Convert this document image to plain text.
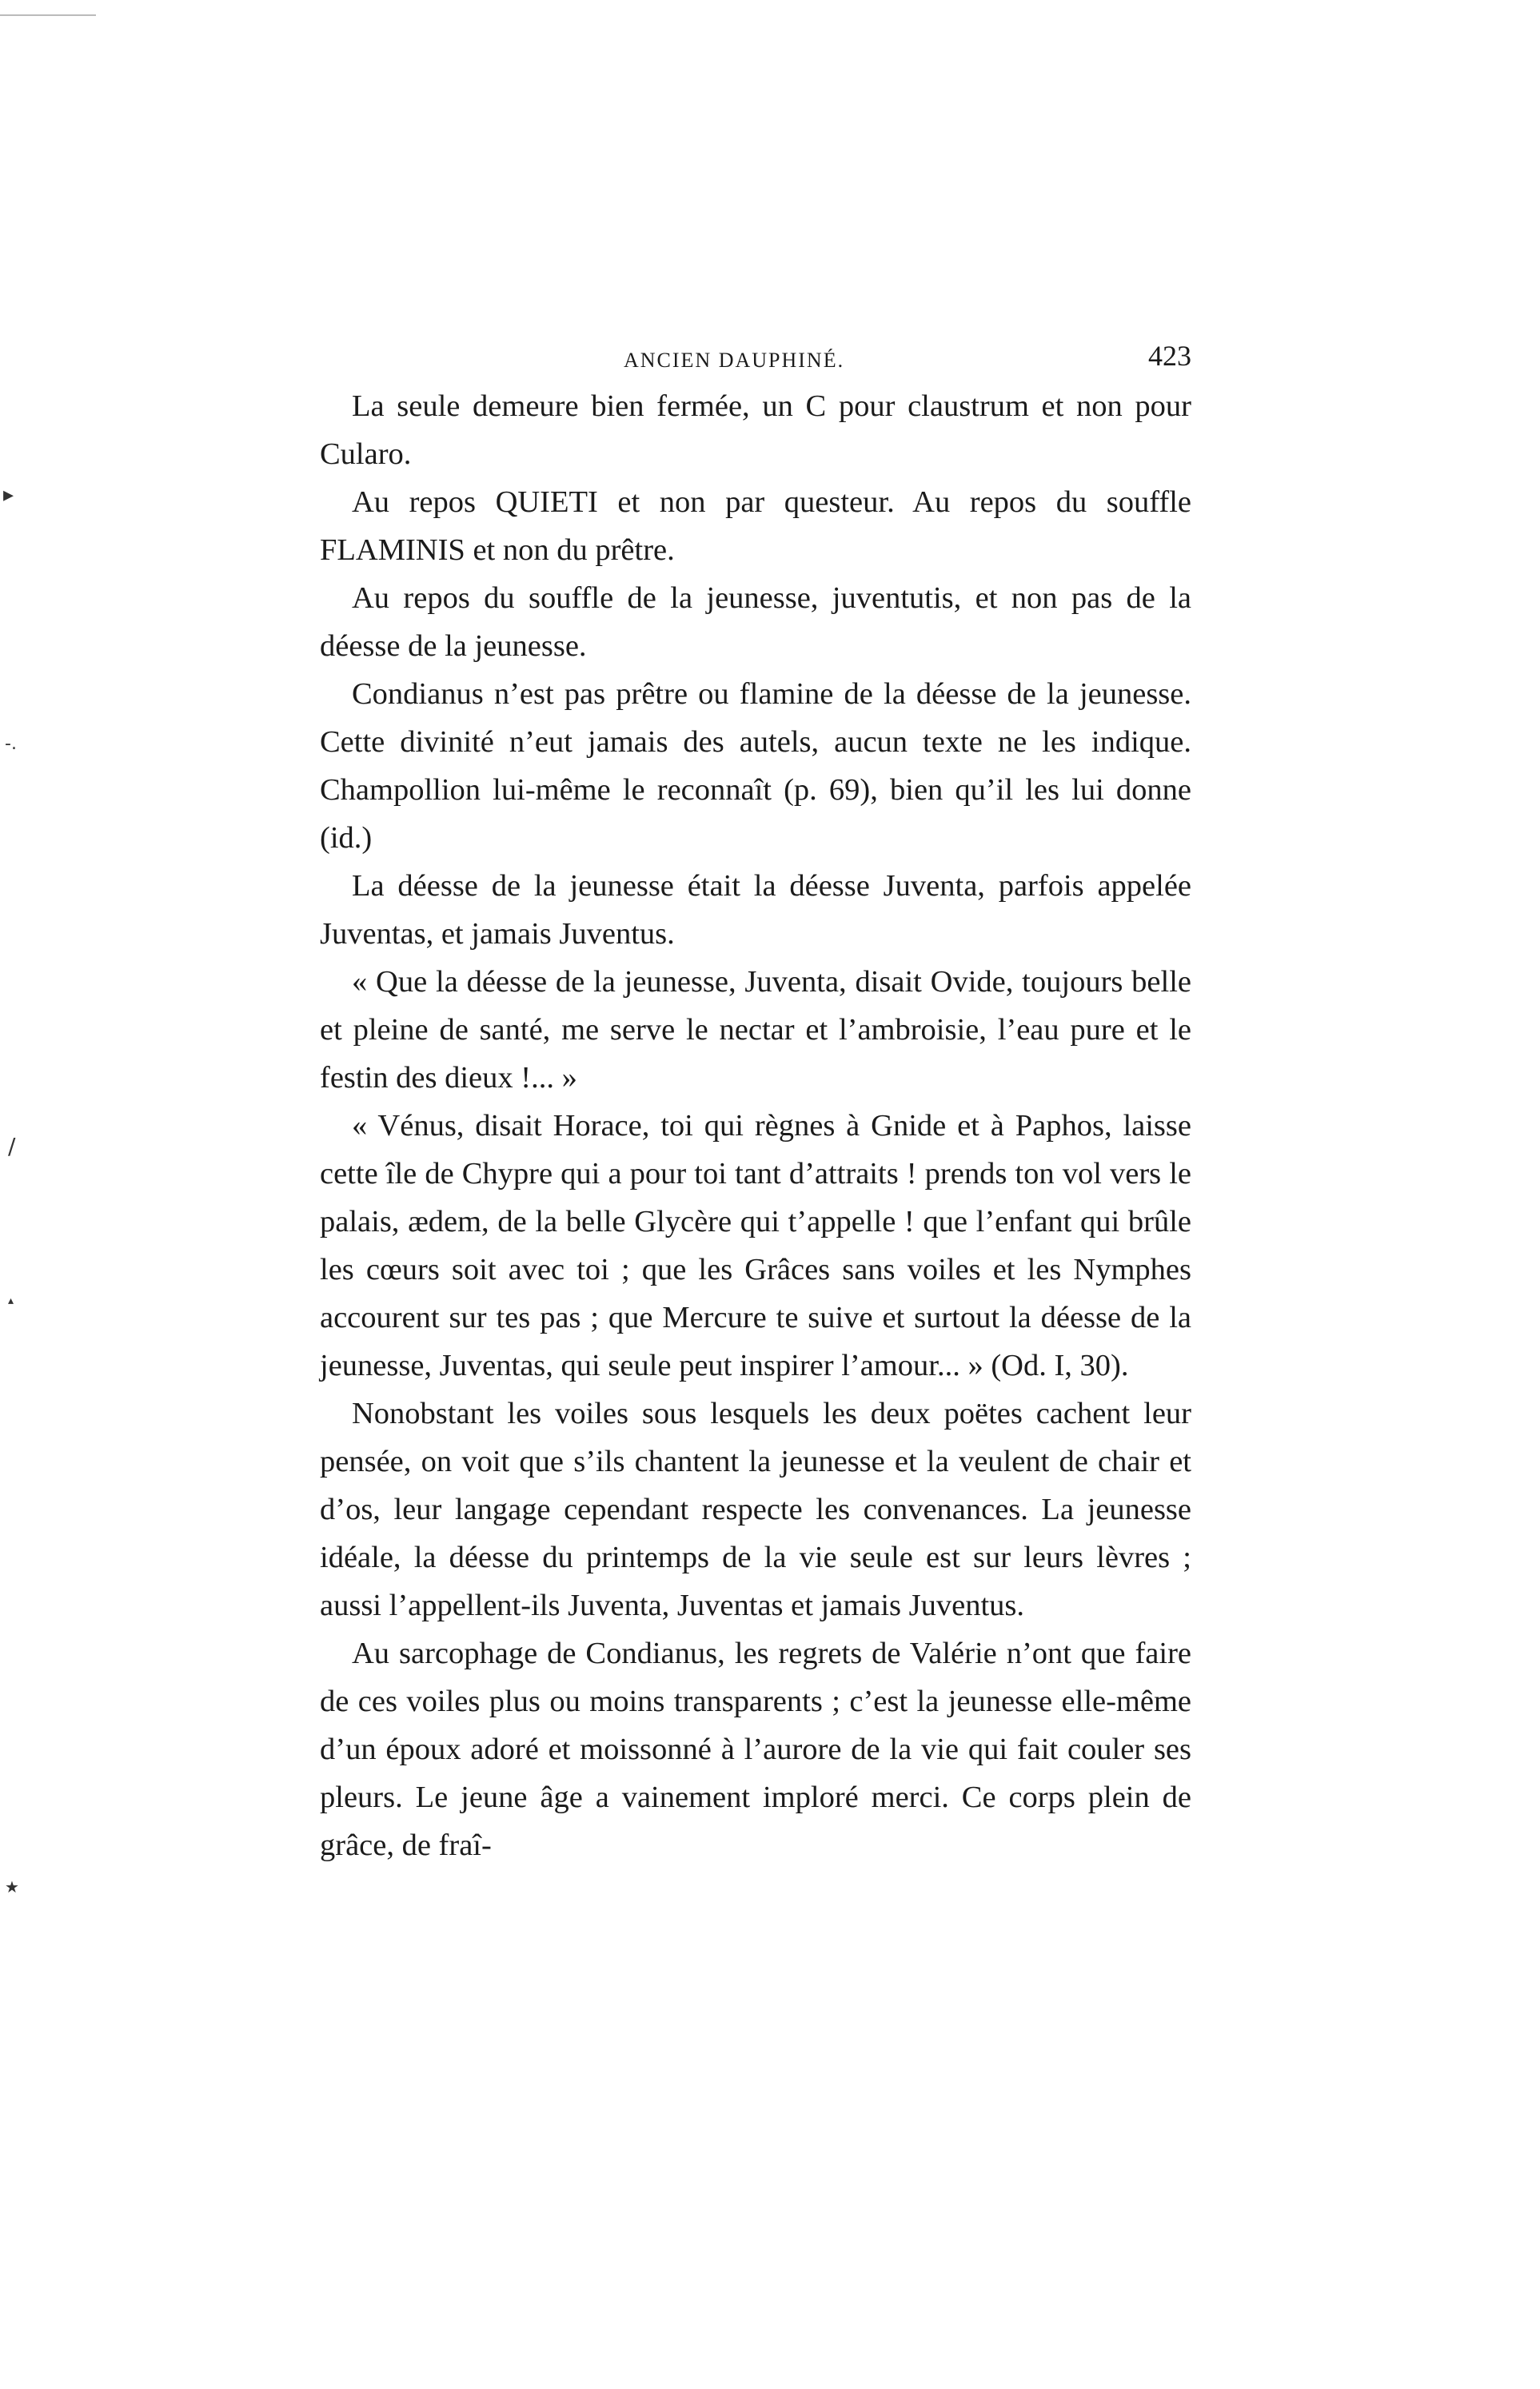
ANCIEN DAUPHINÉ.	423

La seule demeure bien fermée, un C pour claustrum et non pour Cularo.

Au repos QUIETI et non par questeur. Au repos du souffle FLAMINIS et non du prêtre.

Au repos du souffle de la jeunesse, juventutis, et non pas de la déesse de la jeunesse.

Condianus n’est pas prêtre ou flamine de la déesse de la jeunesse. Cette divinité n’eut jamais des autels, aucun texte ne les indique. Champollion lui-même le reconnaît (p. 69), bien qu’il les lui donne (id.)

La déesse de la jeunesse était la déesse Juventa, parfois appelée Juventas, et jamais Juventus.

« Que la déesse de la jeunesse, Juventa, disait Ovide, toujours belle et pleine de santé, me serve le nectar et l’ambroisie, l’eau pure et le festin des dieux !... »

« Vénus, disait Horace, toi qui règnes à Gnide et à Paphos, laisse cette île de Chypre qui a pour toi tant d’attraits ! prends ton vol vers le palais, ædem, de la belle Glycère qui t’appelle ! que l’enfant qui brûle les cœurs soit avec toi ; que les Grâces sans voiles et les Nymphes accourent sur tes pas ; que Mercure te suive et surtout la déesse de la jeunesse, Juventas, qui seule peut inspirer l’amour... » (Od. I, 30).

Nonobstant les voiles sous lesquels les deux poëtes cachent leur pensée, on voit que s’ils chantent la jeunesse et la veulent de chair et d’os, leur langage cependant respecte les convenances. La jeunesse idéale, la déesse du printemps de la vie seule est sur leurs lèvres ; aussi l’appellent-ils Juventa, Juventas et jamais Juventus.

Au sarcophage de Condianus, les regrets de Valérie n’ont que faire de ces voiles plus ou moins transparents ; c’est la jeunesse elle-même d’un époux adoré et moissonné à l’aurore de la vie qui fait couler ses pleurs. Le jeune âge a vainement imploré merci. Ce corps plein de grâce, de fraî-

▸
-.
/
▴
★
